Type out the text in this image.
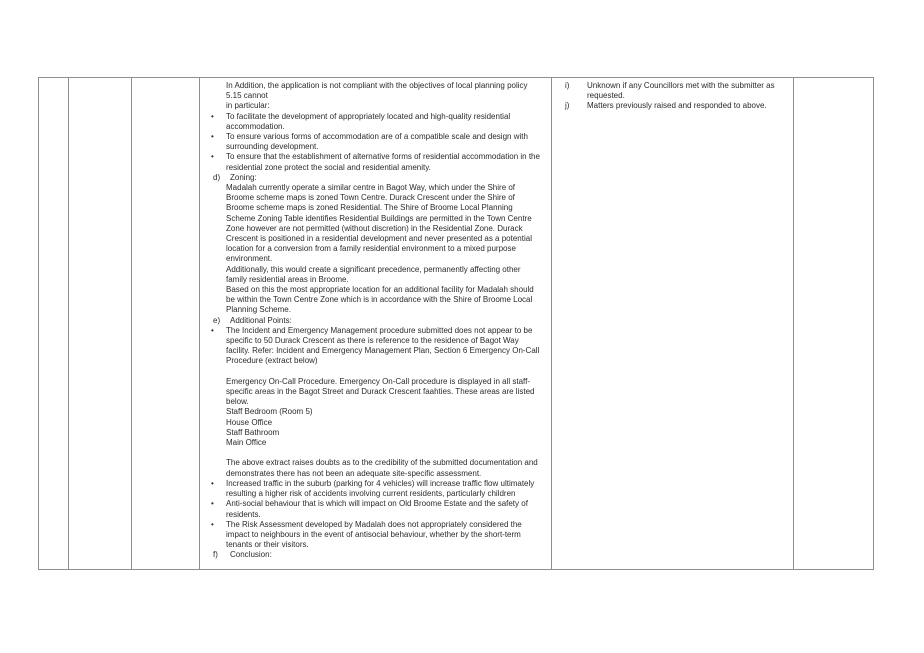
In Addition, the application is not compliant with the objectives of local planning policy 5.15 cannot
in particular:
• To facilitate the development of appropriately located and high-quality residential accommodation.
• To ensure various forms of accommodation are of a compatible scale and design with surrounding development.
• To ensure that the establishment of alternative forms of residential accommodation in the residential zone protect the social and residential amenity.
d) Zoning:
Madalah currently operate a similar centre in Bagot Way, which under the Shire of Broome scheme maps is zoned Town Centre. Durack Crescent under the Shire of Broome scheme maps is zoned Residential. The Shire of Broome Local Planning Scheme Zoning Table identifies Residential Buildings are permitted in the Town Centre Zone however are not permitted (without discretion) in the Residential Zone. Durack Crescent is positioned in a residential development and never presented as a potential location for a conversion from a family residential environment to a mixed purpose environment.
Additionally, this would create a significant precedence, permanently affecting other family residential areas in Broome.
Based on this the most appropriate location for an additional facility for Madalah should be within the Town Centre Zone which is in accordance with the Shire of Broome Local Planning Scheme.
e) Additional Points:
• The Incident and Emergency Management procedure submitted does not appear to be specific to 50 Durack Crescent as there is reference to the residence of Bagot Way facility. Refer: Incident and Emergency Management Plan, Section 6 Emergency On-Call Procedure (extract below)
Emergency On-Call Procedure. Emergency On-Call procedure is displayed in all staff-specific areas in the Bagot Street and Durack Crescent faahties. These areas are listed below.
Staff Bedroom (Room 5)
House Office
Staff Bathroom
Main Office
The above extract raises doubts as to the credibility of the submitted documentation and demonstrates there has not been an adequate site-specific assessment.
• Increased traffic in the suburb (parking for 4 vehicles) will increase traffic flow ultimately resulting a higher risk of accidents involving current residents, particularly children
• Anti-social behaviour that is which will impact on Old Broome Estate and the safety of residents.
• The Risk Assessment developed by Madalah does not appropriately considered the impact to neighbours in the event of antisocial behaviour, whether by the short-term tenants or their visitors.
f) Conclusion:

i) Unknown if any Councillors met with the submitter as requested.
j) Matters previously raised and responded to above.
